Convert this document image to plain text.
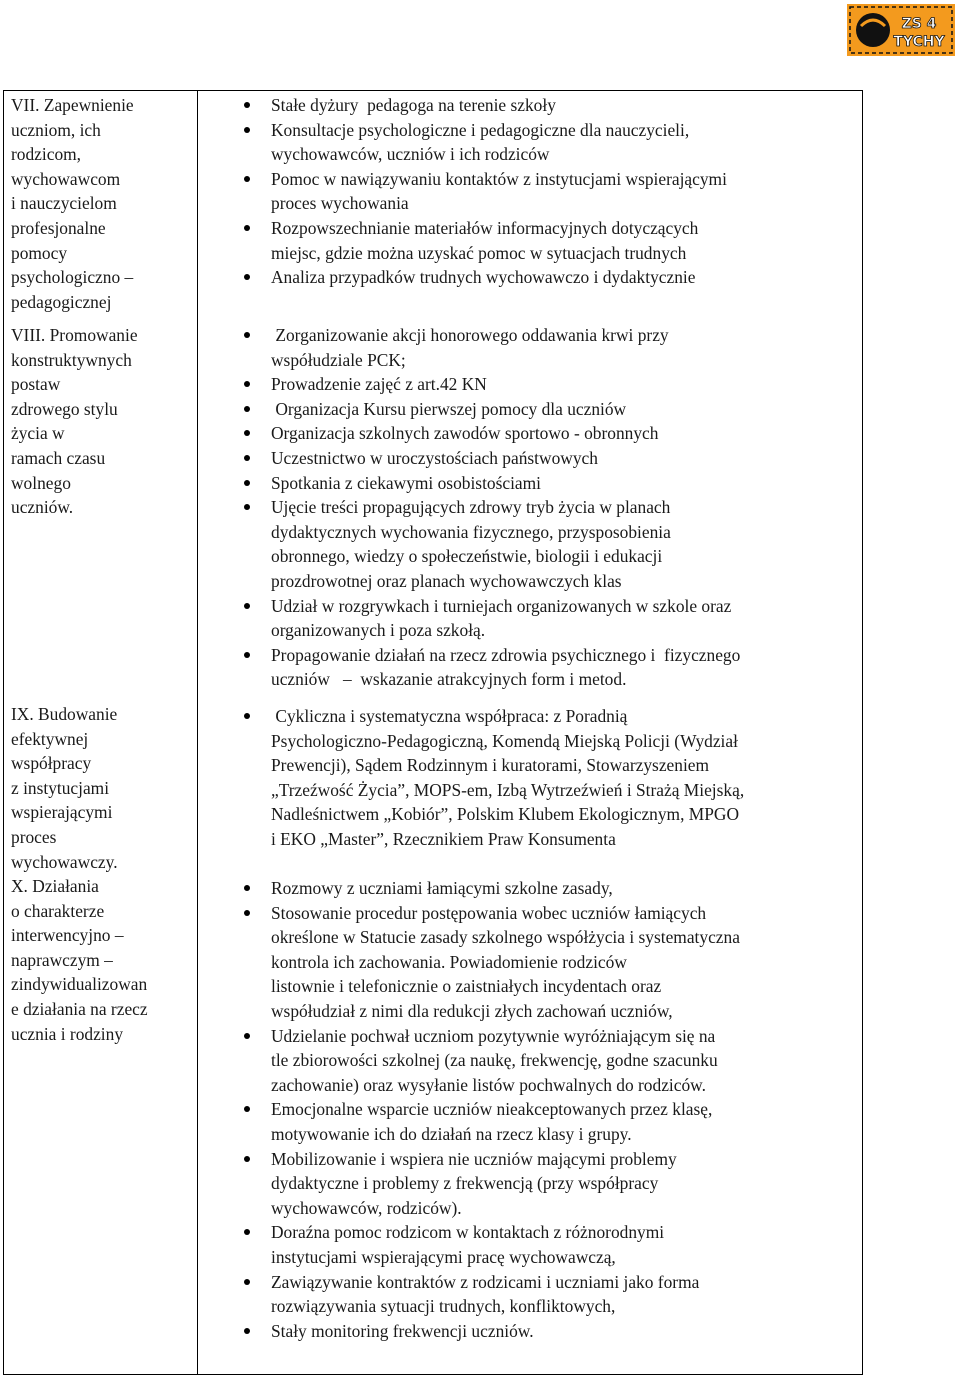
ZS 4
TYCHY
VII. Zapewnienie
uczniom, ich
rodzicom,
wychowawcom
i nauczycielom
profesjonalne
pomocy
psychologiczno –
pedagogicznej
Stałe dyżury  pedagoga na terenie szkoły
Konsultacje psychologiczne i pedagogiczne dla nauczycieli,
wychowawców, uczniów i ich rodziców
Pomoc w nawiązywaniu kontaktów z instytucjami wspierającymi
proces wychowania
Rozpowszechnianie materiałów informacyjnych dotyczących
miejsc, gdzie można uzyskać pomoc w sytuacjach trudnych
Analiza przypadków trudnych wychowawczo i dydaktycznie
VIII. Promowanie
konstruktywnych
postaw
zdrowego stylu
życia w
ramach czasu
wolnego
uczniów.
Zorganizowanie akcji honorowego oddawania krwi przy
współudziale PCK;
Prowadzenie zajęć z art.42 KN
Organizacja Kursu pierwszej pomocy dla uczniów
Organizacja szkolnych zawodów sportowo - obronnych
Uczestnictwo w uroczystościach państwowych
Spotkania z ciekawymi osobistościami
Ujęcie treści propagujących zdrowy tryb życia w planach
dydaktycznych wychowania fizycznego, przysposobienia
obronnego, wiedzy o społeczeństwie, biologii i edukacji
prozdrowotnej oraz planach wychowawczych klas
Udział w rozgrywkach i turniejach organizowanych w szkole oraz
organizowanych i poza szkołą.
Propagowanie działań na rzecz zdrowia psychicznego i  fizycznego
uczniów   –  wskazanie atrakcyjnych form i metod.
IX. Budowanie
efektywnej
współpracy
z instytucjami
wspierającymi
proces
wychowawczy.
Cykliczna i systematyczna współpraca: z Poradnią
Psychologiczno-Pedagogiczną, Komendą Miejską Policji (Wydział
Prewencji), Sądem Rodzinnym i kuratorami, Stowarzyszeniem
„Trzeźwość Życia”, MOPS-em, Izbą Wytrzeźwień i Strażą Miejską,
Nadleśnictwem „Kobiór”, Polskim Klubem Ekologicznym, MPGO
i EKO „Master”, Rzecznikiem Praw Konsumenta
X. Działania
o charakterze
interwencyjno –
naprawczym –
zindywidualizowan
e działania na rzecz
ucznia i rodziny
Rozmowy z uczniami łamiącymi szkolne zasady,
Stosowanie procedur postępowania wobec uczniów łamiących
określone w Statucie zasady szkolnego współżycia i systematyczna
kontrola ich zachowania. Powiadomienie rodziców
listownie i telefonicznie o zaistniałych incydentach oraz
współudział z nimi dla redukcji złych zachowań uczniów,
Udzielanie pochwał uczniom pozytywnie wyróżniającym się na
tle zbiorowości szkolnej (za naukę, frekwencję, godne szacunku
zachowanie) oraz wysyłanie listów pochwalnych do rodziców.
Emocjonalne wsparcie uczniów nieakceptowanych przez klasę,
motywowanie ich do działań na rzecz klasy i grupy.
Mobilizowanie i wspiera nie uczniów mającymi problemy
dydaktyczne i problemy z frekwencją (przy współpracy
wychowawców, rodziców).
Doraźna pomoc rodzicom w kontaktach z różnorodnymi
instytucjami wspierającymi pracę wychowawczą,
Zawiązywanie kontraktów z rodzicami i uczniami jako forma
rozwiązywania sytuacji trudnych, konfliktowych,
Stały monitoring frekwencji uczniów.
